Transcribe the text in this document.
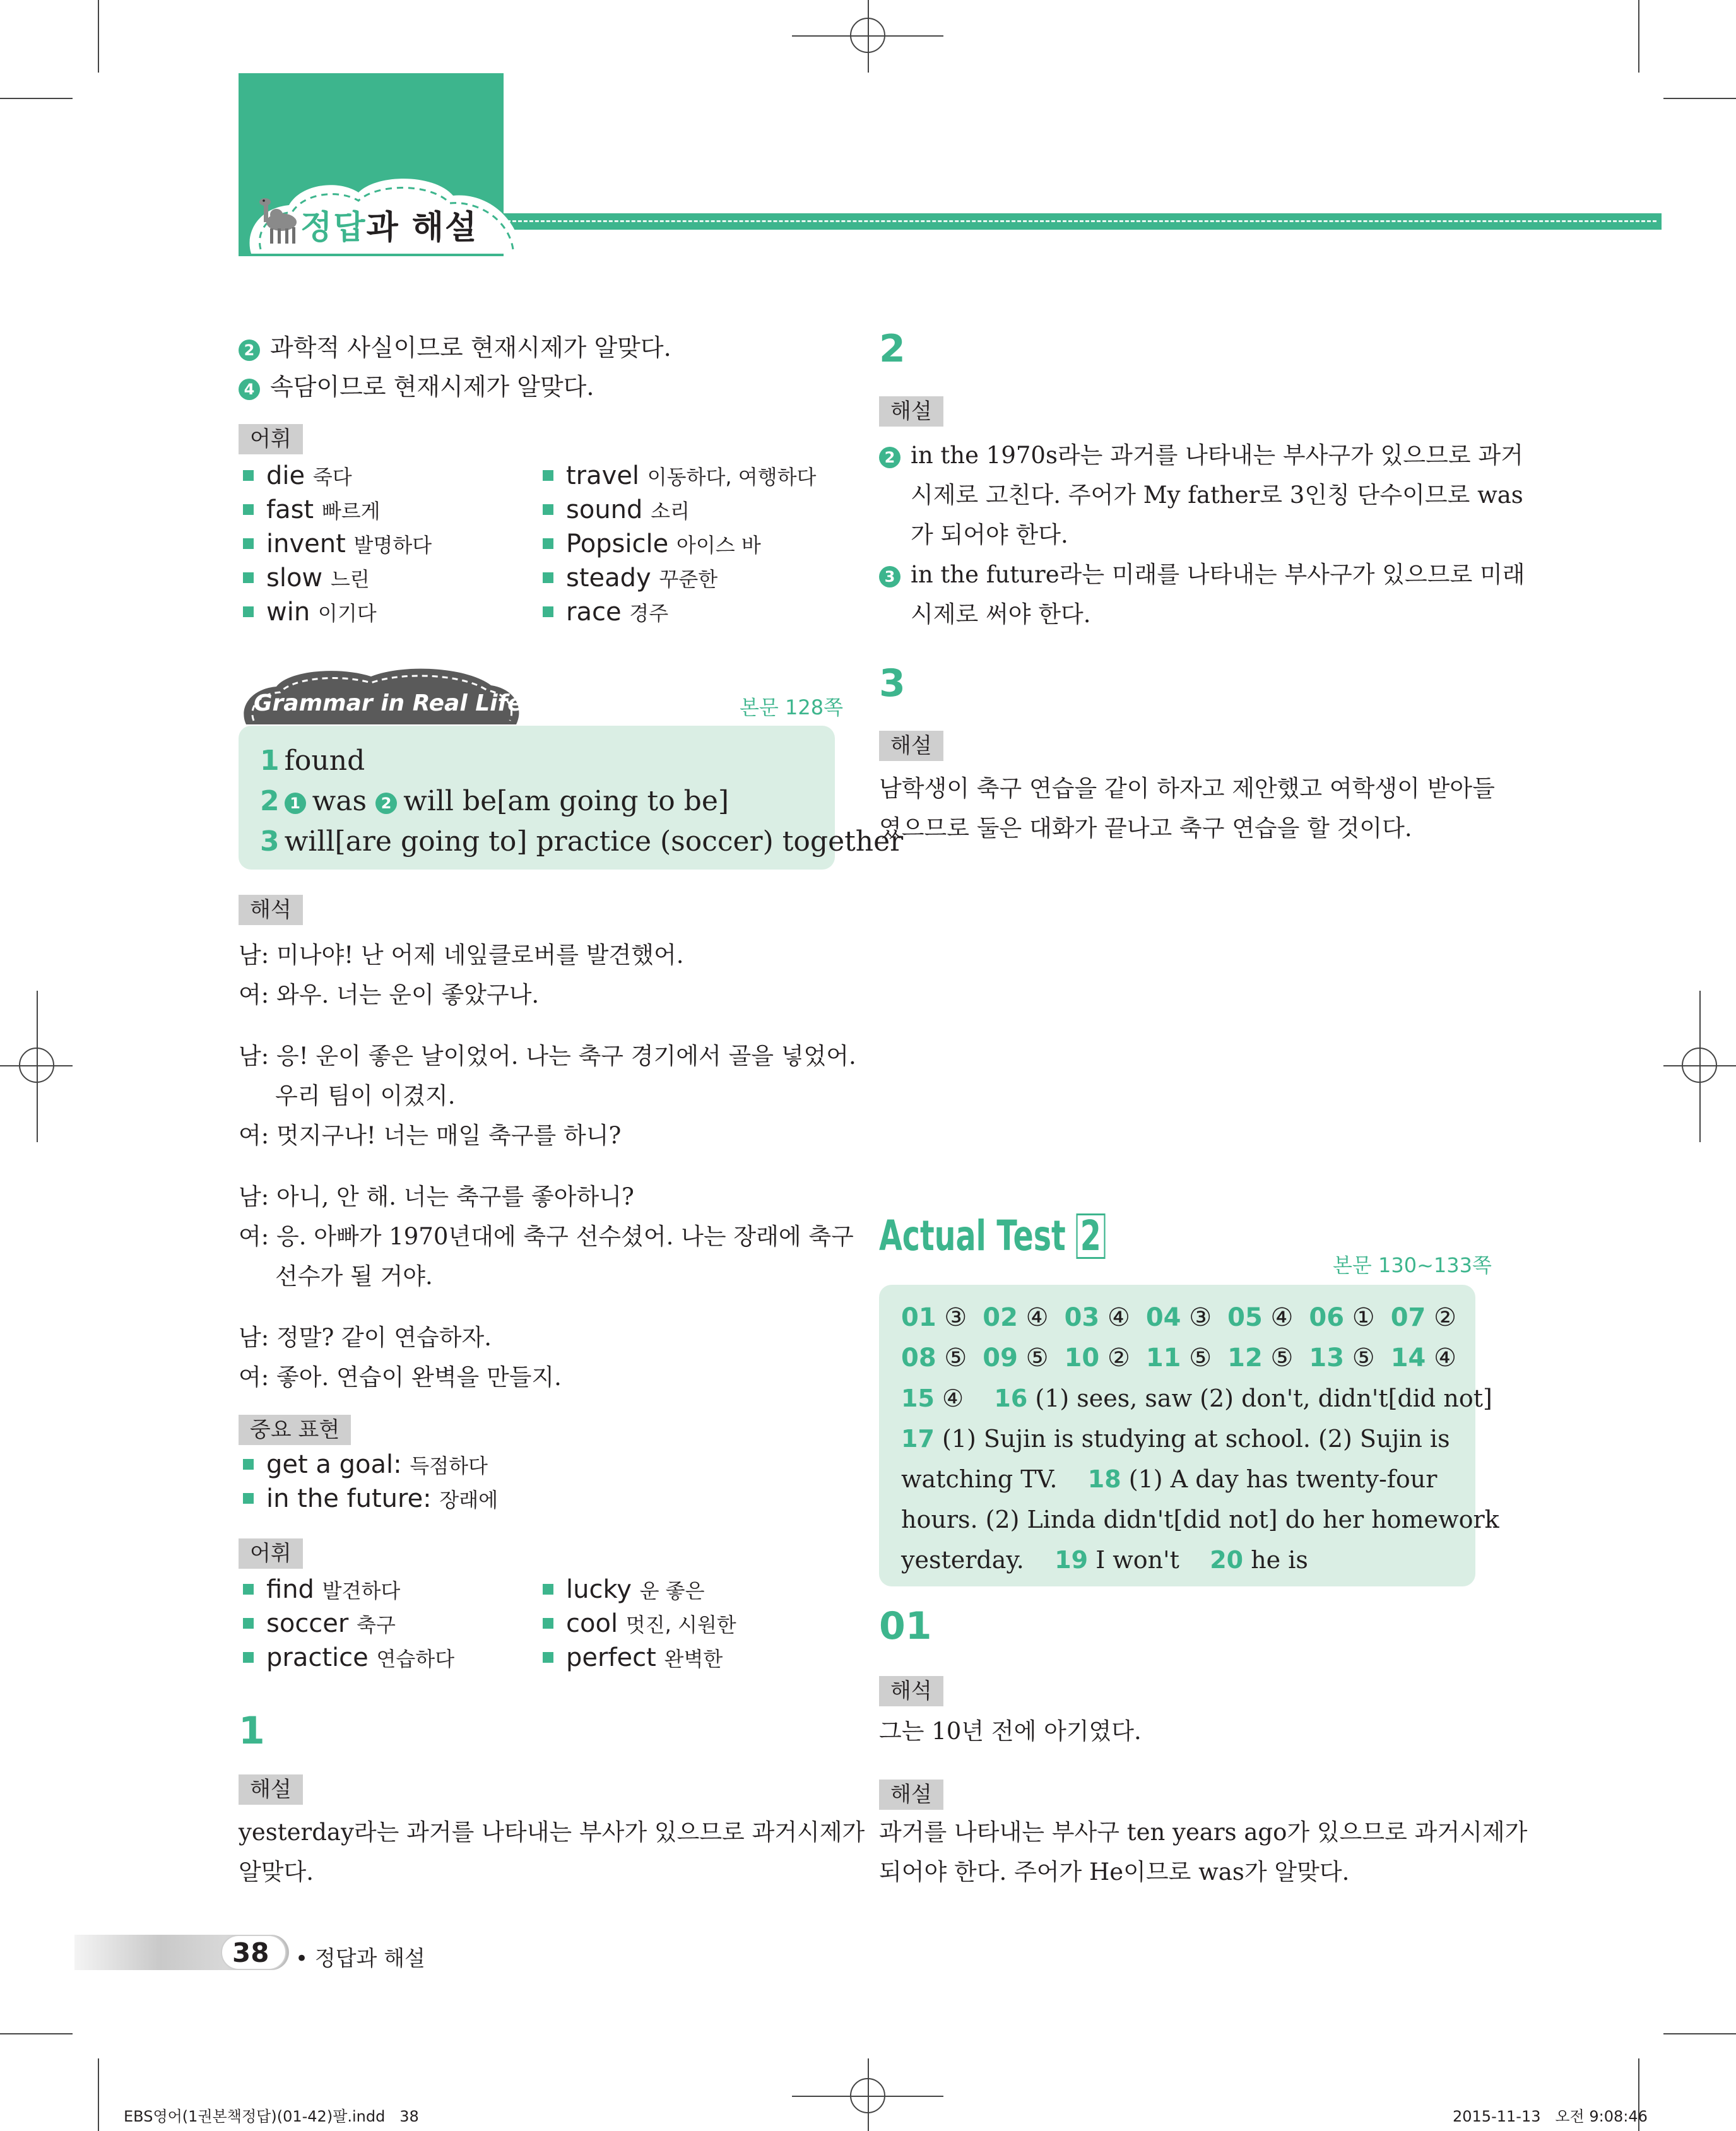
정답과 해설
2 과학적 사실이므로 현재시제가 알맞다.
4 속담이므로 현재시제가 알맞다.
어휘
die 죽다
fast 빠르게
invent 발명하다
slow 느린
win 이기다
travel 이동하다, 여행하다
sound 소리
Popsicle 아이스 바
steady 꾸준한
race 경주
Grammar in Real Life	본문 128쪽
1 found
2 1 was 2 will be[am going to be]
3 will[are going to] practice (soccer) together
해석
남: 미나야! 난 어제 네잎클로버를 발견했어.
여: 와우. 너는 운이 좋았구나.
남: 응! 운이 좋은 날이었어. 나는 축구 경기에서 골을 넣었어.
우리 팀이 이겼지.
여: 멋지구나! 너는 매일 축구를 하니?
남: 아니, 안 해. 너는 축구를 좋아하니?
여: 응. 아빠가 1970년대에 축구 선수셨어. 나는 장래에 축구
선수가 될 거야.
남: 정말? 같이 연습하자.
여: 좋아. 연습이 완벽을 만들지.
중요 표현
get a goal: 득점하다
in the future: 장래에
어휘
find 발견하다
soccer 축구
practice 연습하다
lucky 운 좋은
cool 멋진, 시원한
perfect 완벽한
1
해설
yesterday라는 과거를 나타내는 부사가 있으므로 과거시제가
알맞다.
2
해설
2 in the 1970s라는 과거를 나타내는 부사구가 있으므로 과거
시제로 고친다. 주어가 My father로 3인칭 단수이므로 was
가 되어야 한다.
3 in the future라는 미래를 나타내는 부사구가 있으므로 미래
시제로 써야 한다.
3
해설
남학생이 축구 연습을 같이 하자고 제안했고 여학생이 받아들
였으므로 둘은 대화가 끝나고 축구 연습을 할 것이다.
Actual Test 2
본문 130~133쪽
01 ③ 02 ④ 03 ④ 04 ③ 05 ④ 06 ① 07 ②
08 ⑤ 09 ⑤ 10 ② 11 ⑤ 12 ⑤ 13 ⑤ 14 ④
15 ④ 16 (1) sees, saw (2) don't, didn't[did not]
17 (1) Sujin is studying at school. (2) Sujin is
watching TV. 18 (1) A day has twenty-four
hours. (2) Linda didn't[did not] do her homework
yesterday. 19 I won't 20 he is
01
해석
그는 10년 전에 아기였다.
해설
과거를 나타내는 부사구 ten years ago가 있으므로 과거시제가
되어야 한다. 주어가 He이므로 was가 알맞다.
38 • 정답과 해설
EBS영어(1권본책정답)(01-42)팔.indd   38	2015-11-13   오전 9:08:46
